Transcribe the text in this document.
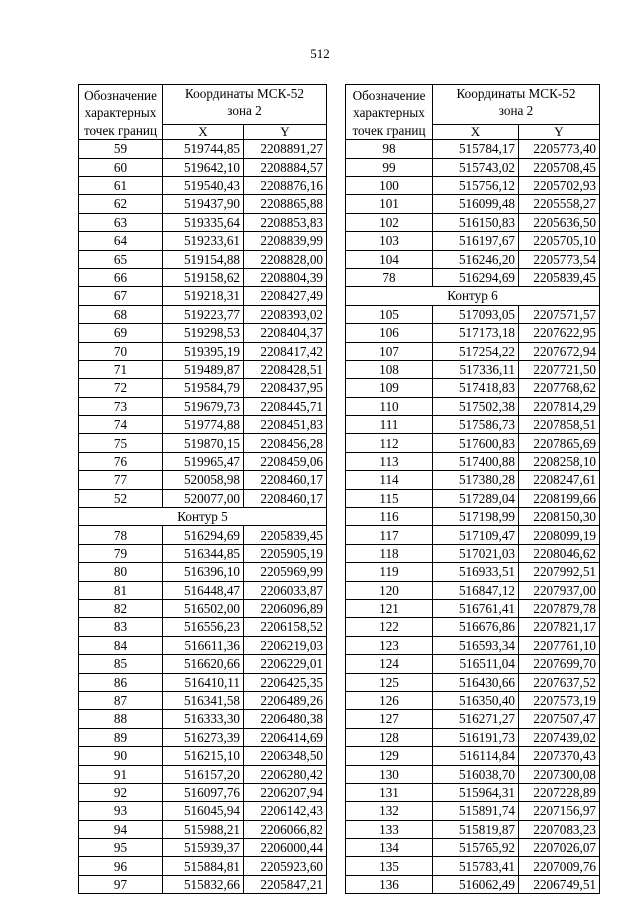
512
Обозначение
характерных
точек границ	Координаты МСК-52
зона 2	

	X	Y
59	519744,85	2208891,27
60	519642,10	2208884,57
61	519540,43	2208876,16
62	519437,90	2208865,88
63	519335,64	2208853,83
64	519233,61	2208839,99
65	519154,88	2208828,00
66	519158,62	2208804,39
67	519218,31	2208427,49
68	519223,77	2208393,02
69	519298,53	2208404,37
70	519395,19	2208417,42
71	519489,87	2208428,51
72	519584,79	2208437,95
73	519679,73	2208445,71
74	519774,88	2208451,83
75	519870,15	2208456,28
76	519965,47	2208459,06
77	520058,98	2208460,17
52	520077,00	2208460,17
Контур 5		
78	516294,69	2205839,45
79	516344,85	2205905,19
80	516396,10	2205969,99
81	516448,47	2206033,87
82	516502,00	2206096,89
83	516556,23	2206158,52
84	516611,36	2206219,03
85	516620,66	2206229,01
86	516410,11	2206425,35
87	516341,58	2206489,26
88	516333,30	2206480,38
89	516273,39	2206414,69
90	516215,10	2206348,50
91	516157,20	2206280,42
92	516097,76	2206207,94
93	516045,94	2206142,43
94	515988,21	2206066,82
95	515939,37	2206000,44
96	515884,81	2205923,60
97	515832,66	2205847,21
Обозначение
характерных
точек границ	Координаты МСК-52
зона 2	

	X	Y
98	515784,17	2205773,40
99	515743,02	2205708,45
100	515756,12	2205702,93
101	516099,48	2205558,27
102	516150,83	2205636,50
103	516197,67	2205705,10
104	516246,20	2205773,54
78	516294,69	2205839,45
Контур 6		
105	517093,05	2207571,57
106	517173,18	2207622,95
107	517254,22	2207672,94
108	517336,11	2207721,50
109	517418,83	2207768,62
110	517502,38	2207814,29
111	517586,73	2207858,51
112	517600,83	2207865,69
113	517400,88	2208258,10
114	517380,28	2208247,61
115	517289,04	2208199,66
116	517198,99	2208150,30
117	517109,47	2208099,19
118	517021,03	2208046,62
119	516933,51	2207992,51
120	516847,12	2207937,00
121	516761,41	2207879,78
122	516676,86	2207821,17
123	516593,34	2207761,10
124	516511,04	2207699,70
125	516430,66	2207637,52
126	516350,40	2207573,19
127	516271,27	2207507,47
128	516191,73	2207439,02
129	516114,84	2207370,43
130	516038,70	2207300,08
131	515964,31	2207228,89
132	515891,74	2207156,97
133	515819,87	2207083,23
134	515765,92	2207026,07
135	515783,41	2207009,76
136	516062,49	2206749,51
